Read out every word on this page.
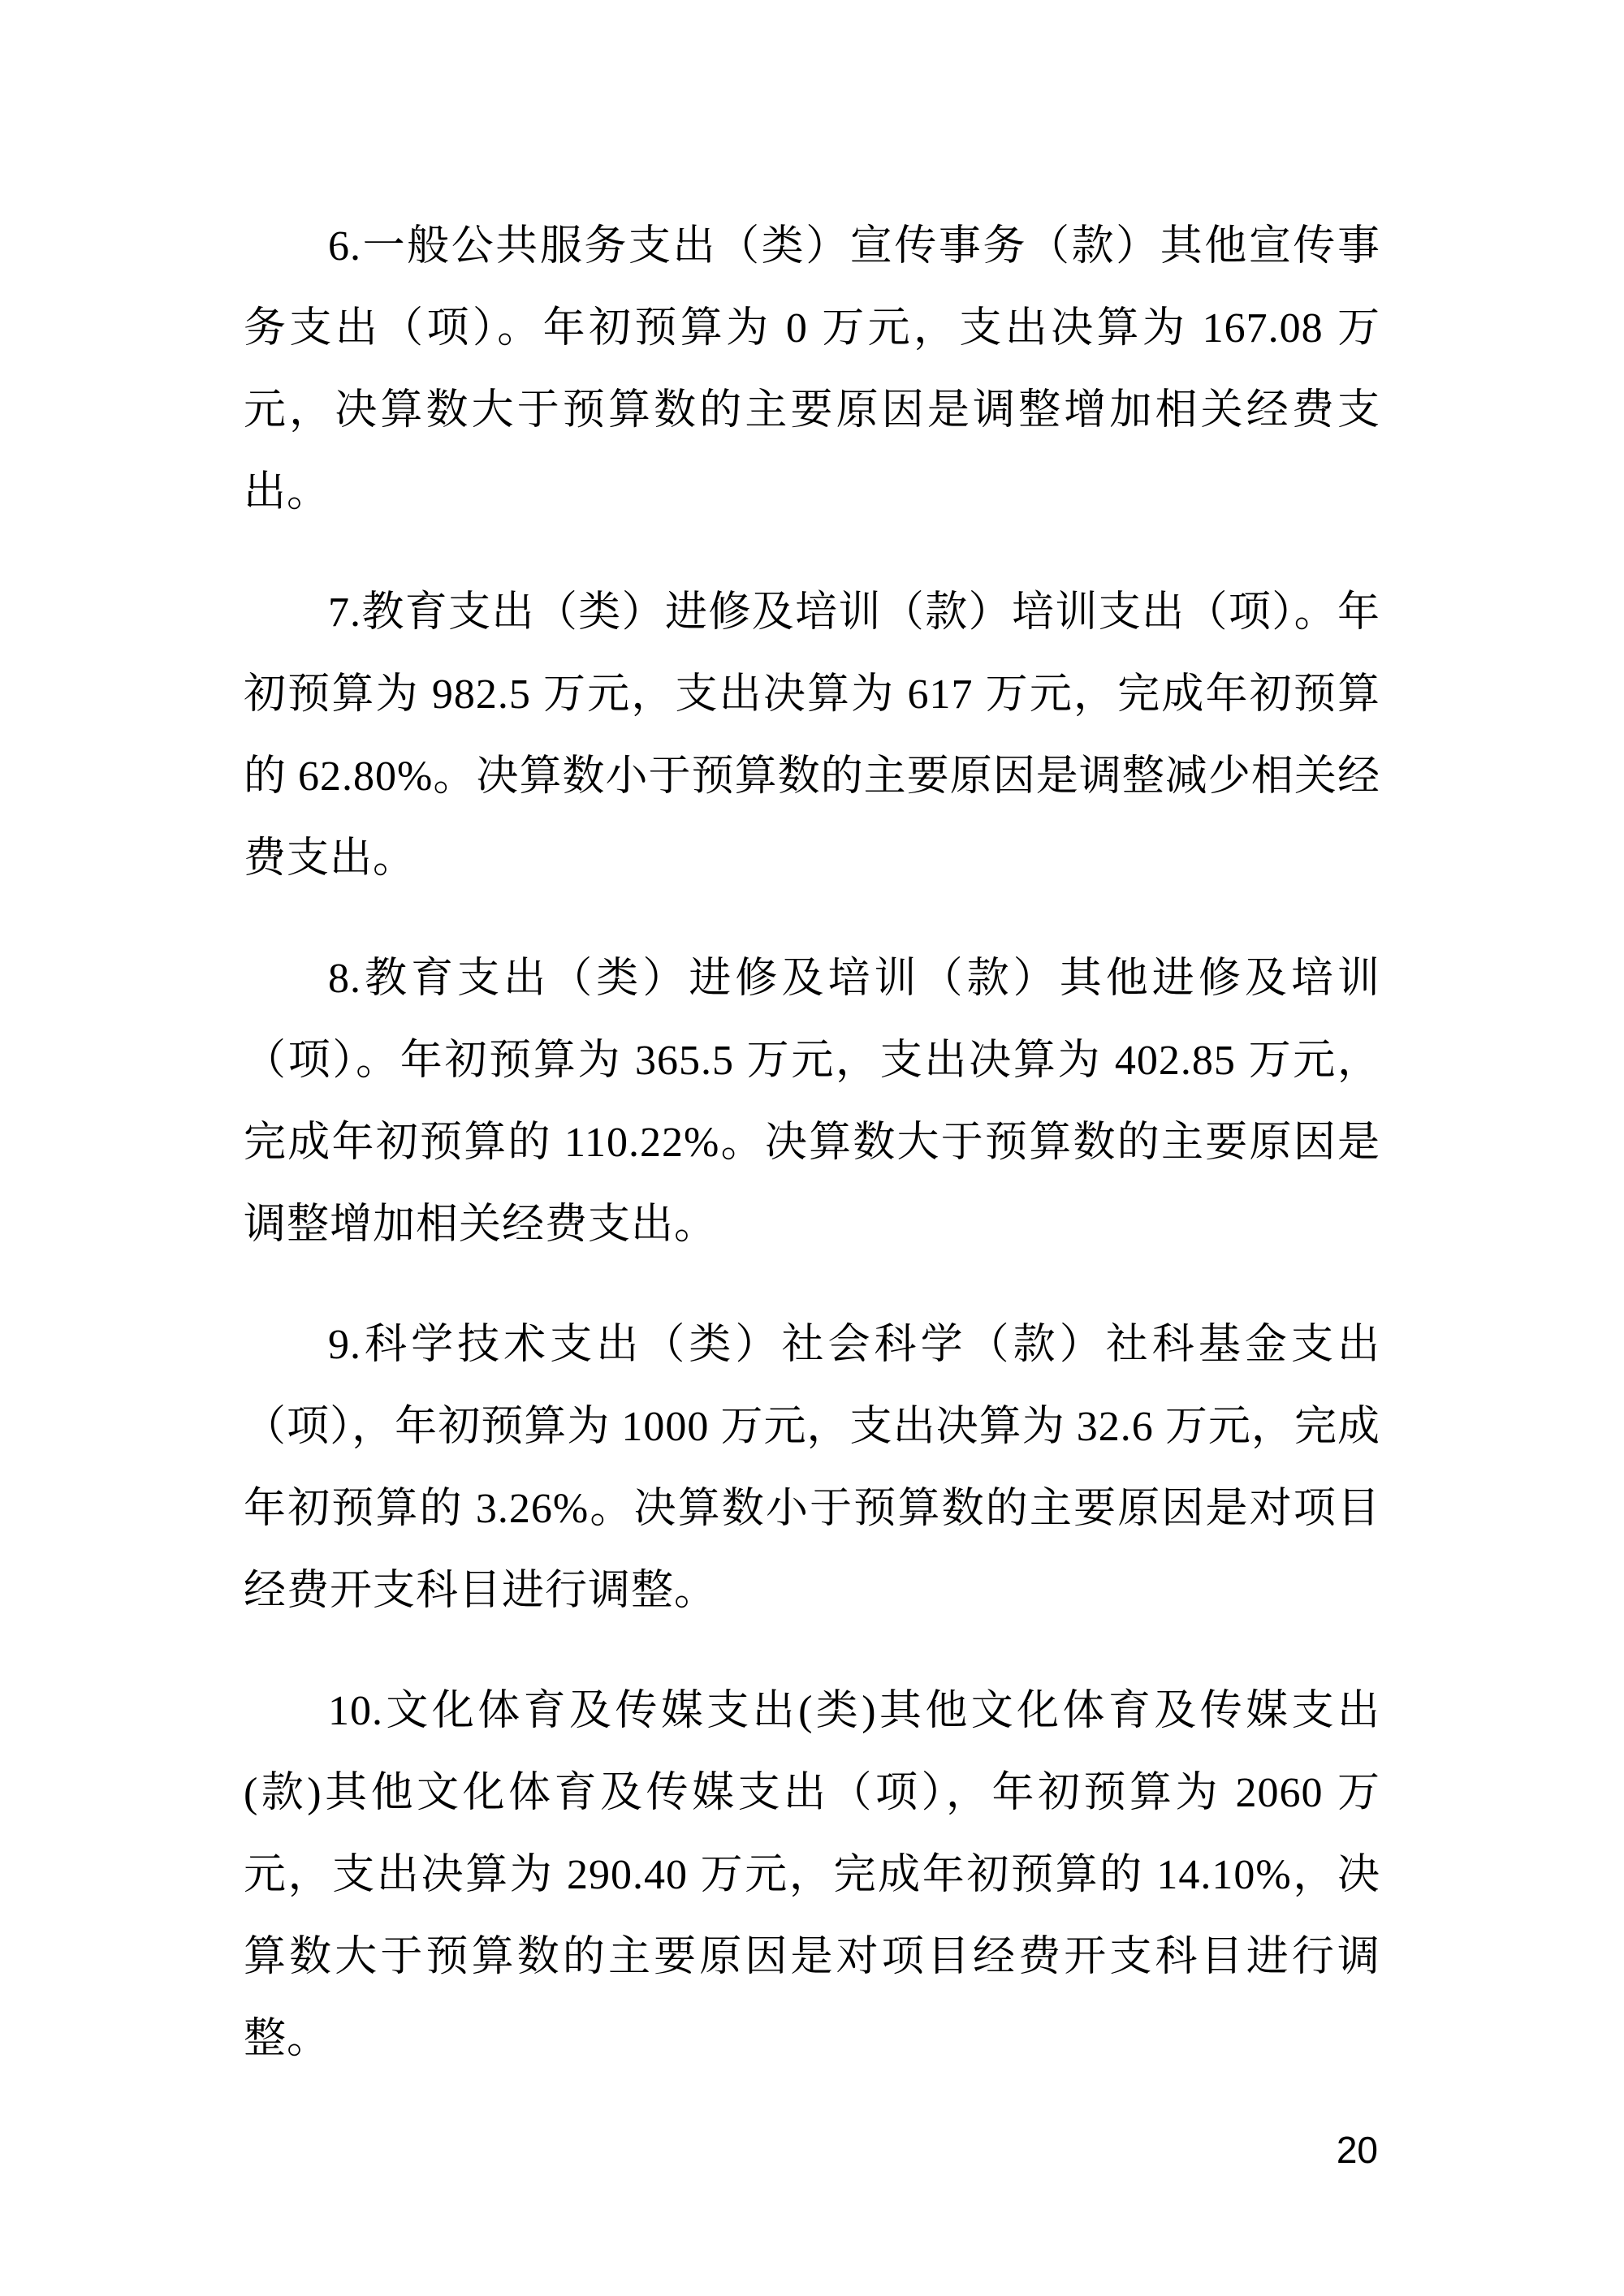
6.一般公共服务支出（类）宣传事务（款）其他宣传事务支出（项）。年初预算为 0 万元，支出决算为 167.08 万元，决算数大于预算数的主要原因是调整增加相关经费支出。

7.教育支出（类）进修及培训（款）培训支出（项）。年初预算为 982.5 万元，支出决算为 617 万元，完成年初预算的 62.80%。决算数小于预算数的主要原因是调整减少相关经费支出。

8.教育支出（类）进修及培训（款）其他进修及培训（项）。年初预算为 365.5 万元，支出决算为 402.85 万元，完成年初预算的 110.22%。决算数大于预算数的主要原因是调整增加相关经费支出。

9.科学技术支出（类）社会科学（款）社科基金支出（项），年初预算为 1000 万元，支出决算为 32.6 万元，完成年初预算的 3.26%。决算数小于预算数的主要原因是对项目经费开支科目进行调整。

10.文化体育及传媒支出(类)其他文化体育及传媒支出(款)其他文化体育及传媒支出（项），年初预算为 2060 万元，支出决算为 290.40 万元，完成年初预算的 14.10%，决算数大于预算数的主要原因是对项目经费开支科目进行调整。

20
